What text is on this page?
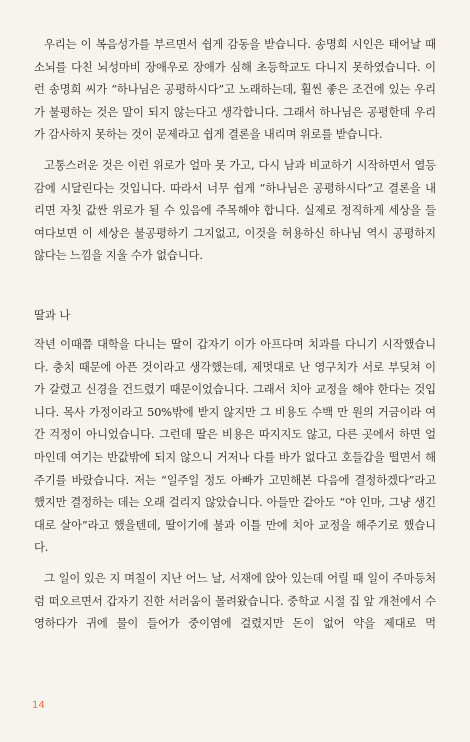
우리는 이 복음성가를 부르면서 쉽게 감동을 받습니다. 송명희 시인은 태어날 때 소뇌를 다친 뇌성마비 장애우로 장애가 심해 초등학교도 다니지 못하였습니다. 이런 송명희 씨가 “하나님은 공평하시다”고 노래하는데, 훨씬 좋은 조건에 있는 우리가 불평하는 것은 말이 되지 않는다고 생각합니다. 그래서 하나님은 공평한데 우리가 감사하지 못하는 것이 문제라고 쉽게 결론을 내리며 위로를 받습니다.

고통스러운 것은 이런 위로가 얼마 못 가고, 다시 남과 비교하기 시작하면서 열등감에 시달린다는 것입니다. 따라서 너무 쉽게 “하나님은 공평하시다”고 결론을 내리면 자칫 값싼 위로가 될 수 있음에 주목해야 합니다. 실제로 정직하게 세상을 들여다보면 이 세상은 불공평하기 그지없고, 이것을 허용하신 하나님 역시 공평하지 않다는 느낌을 지울 수가 없습니다.

딸과 나

작년 이때쯤 대학을 다니는 딸이 갑자기 이가 아프다며 치과를 다니기 시작했습니다. 충치 때문에 아픈 것이라고 생각했는데, 제멋대로 난 영구치가 서로 부딪쳐 이가 갈렸고 신경을 건드렸기 때문이었습니다. 그래서 치아 교정을 해야 한다는 것입니다. 목사 가정이라고 50%밖에 받지 않지만 그 비용도 수백 만 원의 거금이라 여간 걱정이 아니었습니다. 그런데 딸은 비용은 따지지도 않고, 다른 곳에서 하면 얼마인데 여기는 반값밖에 되지 않으니 거저나 다를 바가 없다고 호들갑을 떨면서 해주기를 바랐습니다. 저는 “일주일 정도 아빠가 고민해본 다음에 결정하겠다”라고 했지만 결정하는 데는 오래 걸리지 않았습니다. 아들만 같아도 “야 인마, 그냥 생긴 대로 살아”라고 했을텐데, 딸이기에 불과 이틀 만에 치아 교정을 해주기로 했습니다.

그 일이 있은 지 며칠이 지난 어느 날, 서재에 앉아 있는데 어릴 때 일이 주마등처럼 떠오르면서 갑자기 진한 서러움이 몰려왔습니다. 중학교 시절 집 앞 개천에서 수영하다가 귀에 물이 들어가 중이염에 걸렸지만 돈이 없어 약을 제대로 먹

14
